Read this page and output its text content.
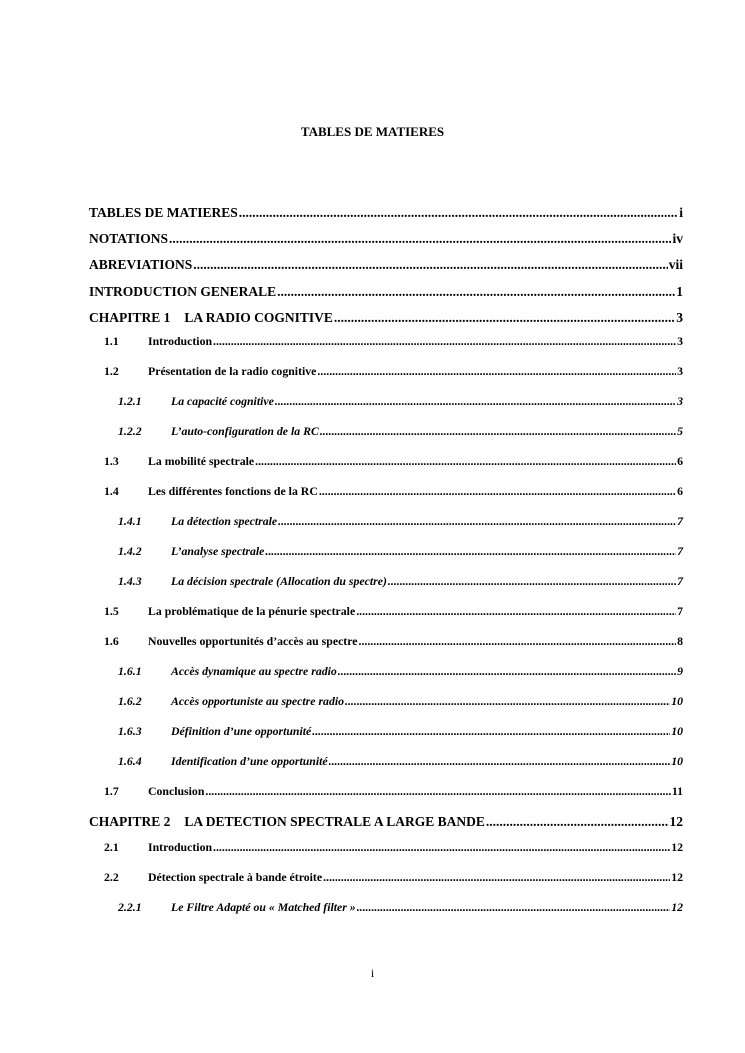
TABLES DE MATIERES
TABLES DE MATIERES .....	i
NOTATIONS .....	iv
ABREVIATIONS .....	vii
INTRODUCTION GENERALE .....	1
CHAPITRE 1 LA RADIO COGNITIVE .....	3
1.1	Introduction .....	3
1.2	Présentation de la radio cognitive .....	3
1.2.1	La capacité cognitive .....	3
1.2.2	L’auto-configuration de la RC .....	5
1.3	La mobilité spectrale .....	6
1.4	Les différentes fonctions de la RC .....	6
1.4.1	La détection spectrale .....	7
1.4.2	L’analyse spectrale .....	7
1.4.3	La décision spectrale (Allocation du spectre) .....	7
1.5	La problématique de la pénurie spectrale .....	7
1.6	Nouvelles opportunités d’accès au spectre .....	8
1.6.1	Accès dynamique au spectre radio .....	9
1.6.2	Accès opportuniste au spectre radio .....	10
1.6.3	Définition d’une opportunité .....	10
1.6.4	Identification d’une opportunité .....	10
1.7	Conclusion .....	11
CHAPITRE 2 LA DETECTION SPECTRALE A LARGE BANDE .....	12
2.1	Introduction .....	12
2.2	Détection spectrale à bande étroite .....	12
2.2.1	Le Filtre Adapté ou « Matched filter » .....	12
i
